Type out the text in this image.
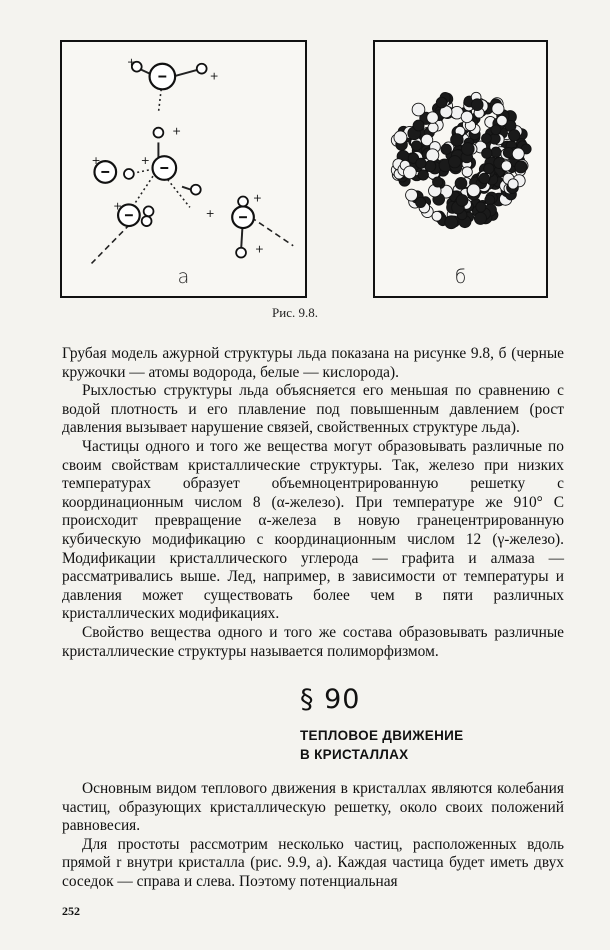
+
+
+
+	+
+
+
+
+
а	б
Рис. 9.8.

Грубая модель ажурной структуры льда показана на рисунке 9.8, б (черные кружочки — атомы водорода, белые — кислорода).

Рыхлостью структуры льда объясняется его меньшая по сравнению с водой плотность и его плавление под повышенным давлением (рост давления вызывает нарушение связей, свойственных структуре льда).

Частицы одного и того же вещества могут образовывать различные по своим свойствам кристаллические структуры. Так, железо при низких температурах образует объемноцентрированную решетку с координационным числом 8 (α-железо). При температуре же 910° С происходит превращение α-железа в новую гранецентрированную кубическую модификацию с координационным числом 12 (γ-железо). Модификации кристаллического углерода — графита и алмаза — рассматривались выше. Лед, например, в зависимости от температуры и давления может существовать более чем в пяти различных кристаллических модификациях.

Свойство вещества одного и того же состава образовывать различные кристаллические структуры называется полиморфизмом.

§ 90
ТЕПЛОВОЕ ДВИЖЕНИЕ
В КРИСТАЛЛАХ

Основным видом теплового движения в кристаллах являются колебания частиц, образующих кристаллическую решетку, около своих положений равновесия.

Для простоты рассмотрим несколько частиц, расположенных вдоль прямой r внутри кристалла (рис. 9.9, а). Каждая частица будет иметь двух соседок — справа и слева. Поэтому потенциальная

252
